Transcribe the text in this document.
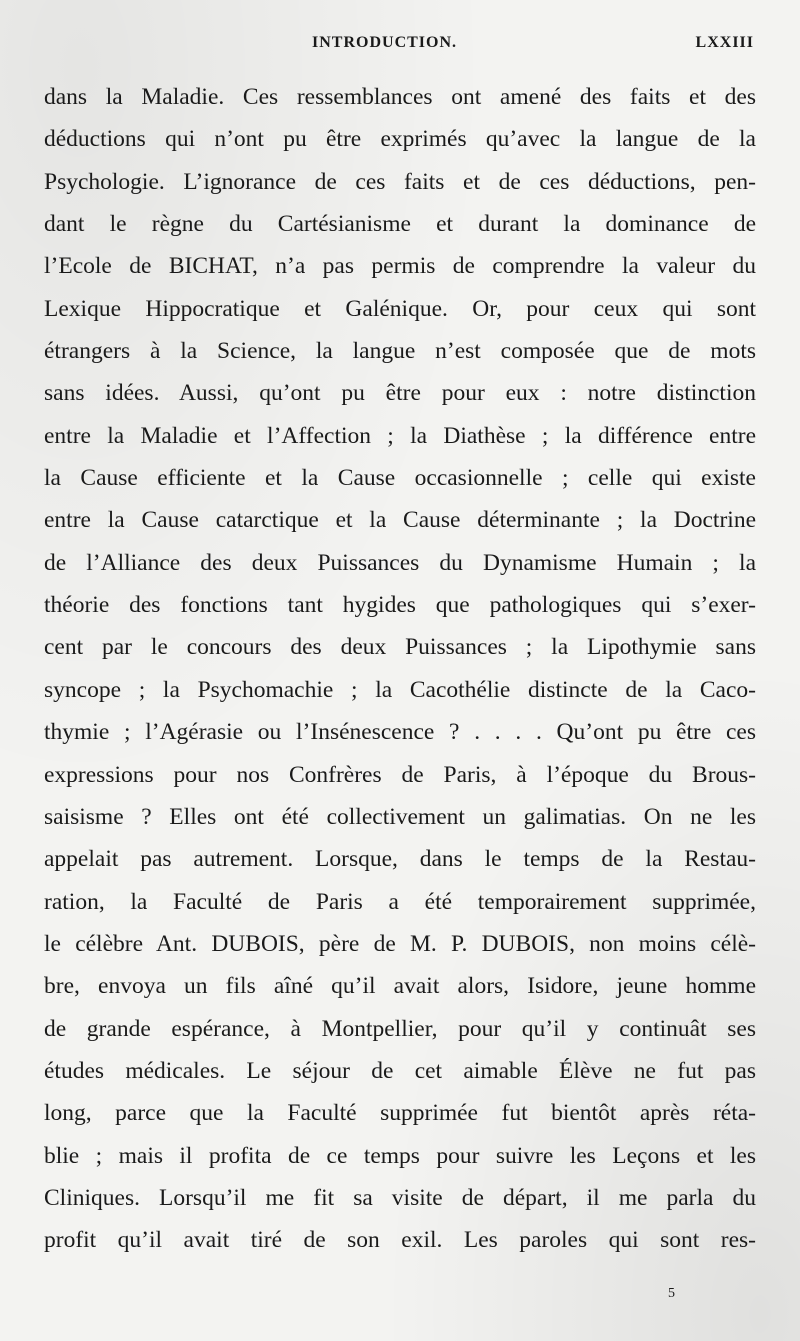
INTRODUCTION.	LXXIII
dans la Maladie. Ces ressemblances ont amené des faits et des
déductions qui n’ont pu être exprimés qu’avec la langue de la
Psychologie. L’ignorance de ces faits et de ces déductions, pen-
dant le règne du Cartésianisme et durant la dominance de
l’Ecole de BICHAT, n’a pas permis de comprendre la valeur du
Lexique Hippocratique et Galénique. Or, pour ceux qui sont
étrangers à la Science, la langue n’est composée que de mots
sans idées. Aussi, qu’ont pu être pour eux : notre distinction
entre la Maladie et l’Affection ; la Diathèse ; la différence entre
la Cause efficiente et la Cause occasionnelle ; celle qui existe
entre la Cause catarctique et la Cause déterminante ; la Doctrine
de l’Alliance des deux Puissances du Dynamisme Humain ; la
théorie des fonctions tant hygides que pathologiques qui s’exer-
cent par le concours des deux Puissances ; la Lipothymie sans
syncope ; la Psychomachie ; la Cacothélie distincte de la Caco-
thymie ; l’Agérasie ou l’Insénescence ? . . . . Qu’ont pu être ces
expressions pour nos Confrères de Paris, à l’époque du Brous-
saisisme ? Elles ont été collectivement un galimatias. On ne les
appelait pas autrement. Lorsque, dans le temps de la Restau-
ration, la Faculté de Paris a été temporairement supprimée,
le célèbre Ant. DUBOIS, père de M. P. DUBOIS, non moins célè-
bre, envoya un fils aîné qu’il avait alors, Isidore, jeune homme
de grande espérance, à Montpellier, pour qu’il y continuât ses
études médicales. Le séjour de cet aimable Élève ne fut pas
long, parce que la Faculté supprimée fut bientôt après réta-
blie ; mais il profita de ce temps pour suivre les Leçons et les
Cliniques. Lorsqu’il me fit sa visite de départ, il me parla du
profit qu’il avait tiré de son exil. Les paroles qui sont res-
5
